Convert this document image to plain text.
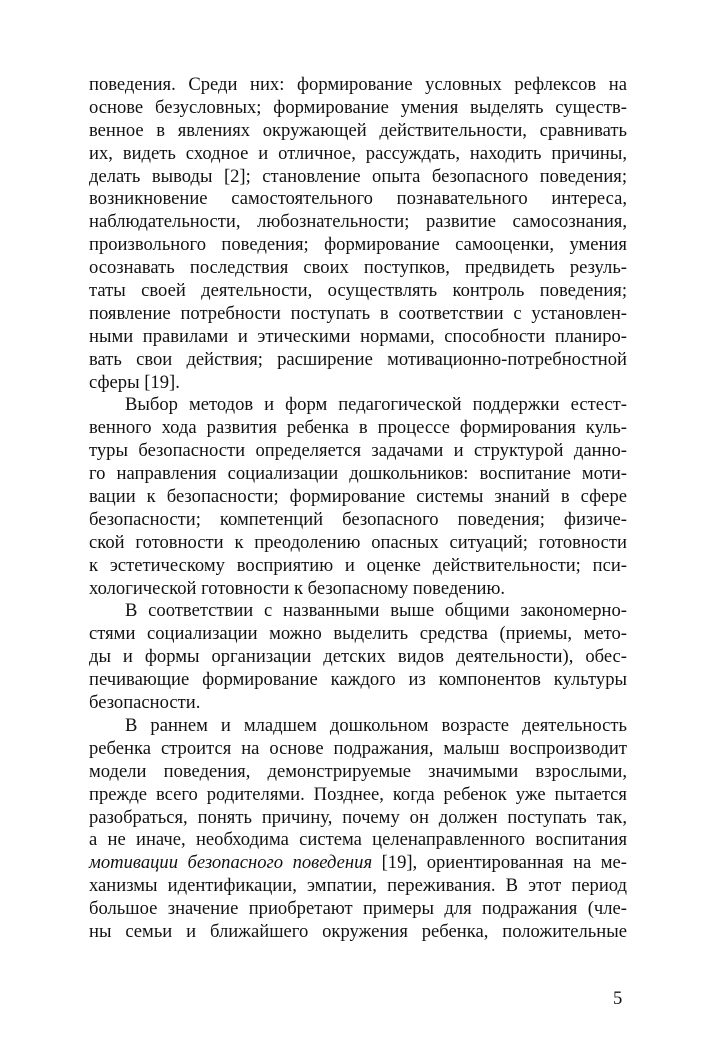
поведения. Среди них: формирование условных рефлексов на
основе безусловных; формирование умения выделять существ-
венное в явлениях окружающей действительности, сравнивать
их, видеть сходное и отличное, рассуждать, находить причины,
делать выводы [2]; становление опыта безопасного поведения;
возникновение самостоятельного познавательного интереса,
наблюдательности, любознательности; развитие самосознания,
произвольного поведения; формирование самооценки, умения
осознавать последствия своих поступков, предвидеть резуль-
таты своей деятельности, осуществлять контроль поведения;
появление потребности поступать в соответствии с установлен-
ными правилами и этическими нормами, способности планиро-
вать свои действия; расширение мотивационно-потребностной
сферы [19].
Выбор методов и форм педагогической поддержки естест-
венного хода развития ребенка в процессе формирования куль-
туры безопасности определяется задачами и структурой данно-
го направления социализации дошкольников: воспитание моти-
вации к безопасности; формирование системы знаний в сфере
безопасности; компетенций безопасного поведения; физиче-
ской готовности к преодолению опасных ситуаций; готовности
к эстетическому восприятию и оценке действительности; пси-
хологической готовности к безопасному поведению.
В соответствии с названными выше общими закономерно-
стями социализации можно выделить средства (приемы, мето-
ды и формы организации детских видов деятельности), обес-
печивающие формирование каждого из компонентов культуры
безопасности.
В раннем и младшем дошкольном возрасте деятельность
ребенка строится на основе подражания, малыш воспроизводит
модели поведения, демонстрируемые значимыми взрослыми,
прежде всего родителями. Позднее, когда ребенок уже пытается
разобраться, понять причину, почему он должен поступать так,
а не иначе, необходима система целенаправленного воспитания
мотивации безопасного поведения [19], ориентированная на ме-
ханизмы идентификации, эмпатии, переживания. В этот период
большое значение приобретают примеры для подражания (чле-
ны семьи и ближайшего окружения ребенка, положительные
5
